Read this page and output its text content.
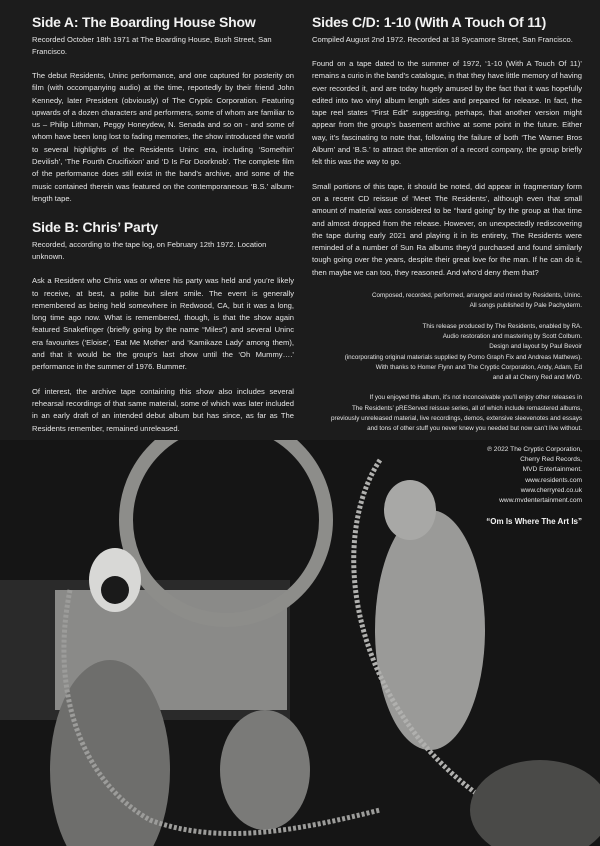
Side A: The Boarding House Show

Recorded October 18th 1971 at The Boarding House, Bush Street, San Francisco.

The debut Residents, Uninc performance, and one captured for posterity on film (with occompanying audio) at the time, reportedly by their friend John Kennedy, later President (obviously) of The Cryptic Corporation. Featuring upwards of a dozen characters and performers, some of whom are familiar to us – Philip Lithman, Peggy Honeydew, N. Senada and so on - and some of whom have been long lost to fading memories, the show introduced the world to several highlights of the Residents Uninc era, including ‘Somethin’ Devilish’, ‘The Fourth Crucifixion’ and ‘D Is For Doorknob’. The complete film of the performance does still exist in the band’s archive, and some of the music contained therein was featured on the contemporaneous ‘B.S.’ album-length tape.

Side B: Chris’ Party

Recorded, according to the tape log, on February 12th 1972. Location unknown.

Ask a Resident who Chris was or where his party was held and you’re likely to receive, at best, a polite but silent smile. The event is generally remembered as being held somewhere in Redwood, CA, but it was a long, long time ago now. What is remembered, though, is that the show again featured Snakefinger (briefly going by the name “Miles”) and several Uninc era favourites (‘Eloise’, ‘Eat Me Mother’ and ‘Kamikaze Lady’ among them), and that it would be the group’s last show until the ‘Oh Mummy….’ performance in the summer of 1976. Bummer.

Of interest, the archive tape containing this show also includes several rehearsal recordings of that same material, some of which was later included in an early draft of an intended debut album but has since, as far as The Residents remember, remained unreleased.

Sides C/D: 1-10 (With A Touch Of 11)

Compiled August 2nd 1972. Recorded at 18 Sycamore Street, San Francisco.

Found on a tape dated to the summer of 1972, ‘1-10 (With A Touch Of 11)’ remains a curio in the band’s catalogue, in that they have little memory of having ever recorded it, and are today hugely amused by the fact that it was hopefully edited into two vinyl album length sides and prepared for release. In fact, the tape reel states “First Edit” suggesting, perhaps, that another version might appear from the group’s basement archive at some point in the future. Either way, it’s fascinating to note that, following the failure of both ‘The Warner Bros Album’ and ‘B.S.’ to attract the attention of a record company, the group briefly felt this was the way to go.

Small portions of this tape, it should be noted, did appear in fragmentary form on a recent CD reissue of ‘Meet The Residents’, although even that small amount of material was considered to be “hard going” by the group at that time and almost dropped from the release. However, on unexpectedly rediscovering the tape during early 2021 and playing it in its entirety, The Residents were reminded of a number of Sun Ra albums they’d purchased and found similarly tough going over the years, despite their great love for the man. If he can do it, then maybe we can too, they reasoned. And who’d deny them that?

Composed, recorded, performed, arranged and mixed by Residents, Uninc.
All songs published by Pale Pachyderm.
This release produced by The Residents, enabled by RA.
Audio restoration and mastering by Scott Colburn.
Design and layout by Paul Bevoir
(incorporating original materials supplied by Porno Graph Fix and Andreas Mathews).
With thanks to Homer Flynn and The Cryptic Corporation, Andy, Adam, Ed
and all at Cherry Red and MVD.
If you enjoyed this album, it’s not inconceivable you’ll enjoy other releases in
The Residents’ pREServed reissue series, all of which include remastered albums,
previously unreleased material, live recordings, demos, extensive sleevenotes and essays
and tons of other stuff you never knew you needed but now can’t live without.
℗ 2022 The Cryptic Corporation,
Cherry Red Records,
MVD Entertainment.
www.residents.com
www.cherryred.co.uk
www.mvdentertainment.com
“Om Is Where The Art Is”
